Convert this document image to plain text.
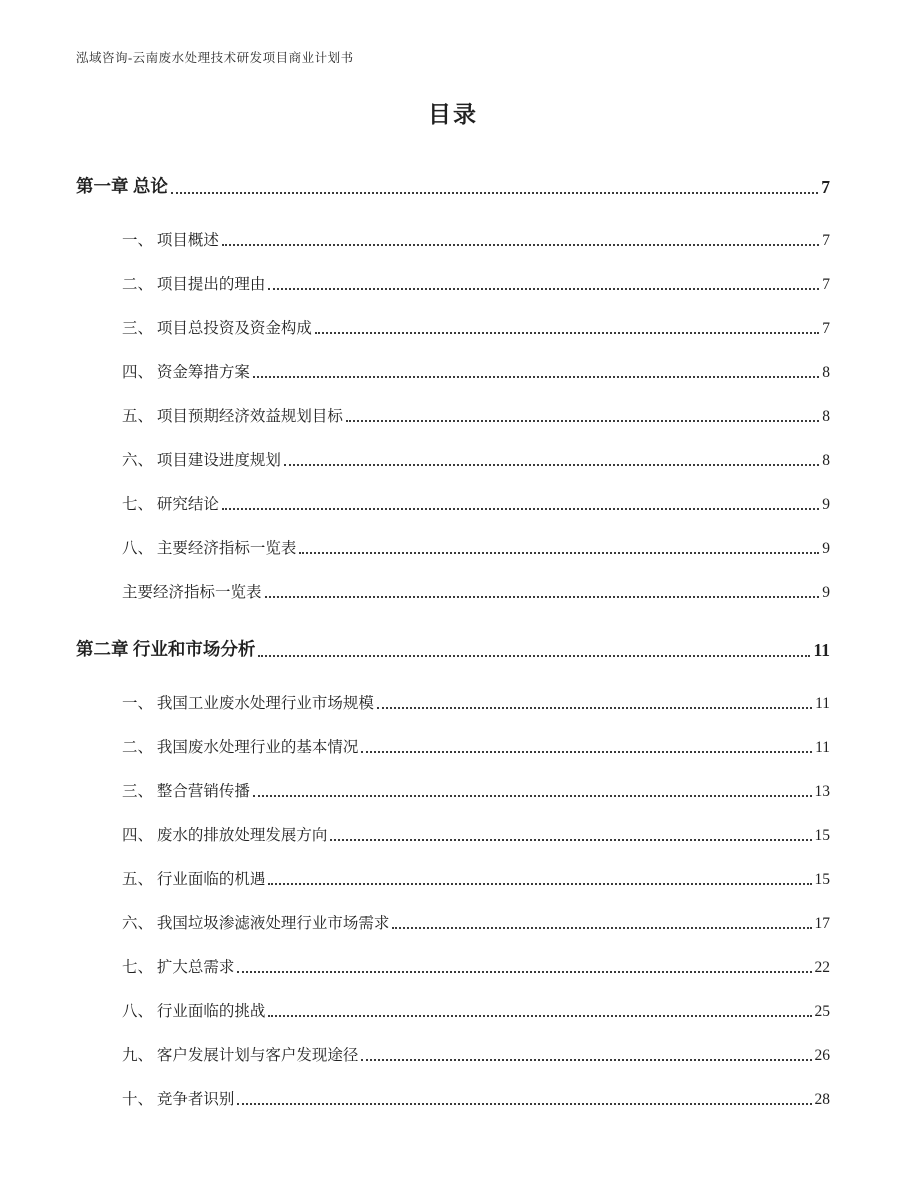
泓域咨询-云南废水处理技术研发项目商业计划书
目录
第一章 总论	7
一、 项目概述	7
二、 项目提出的理由	7
三、 项目总投资及资金构成	7
四、 资金筹措方案	8
五、 项目预期经济效益规划目标	8
六、 项目建设进度规划	8
七、 研究结论	9
八、 主要经济指标一览表	9
主要经济指标一览表	9
第二章 行业和市场分析	11
一、 我国工业废水处理行业市场规模	11
二、 我国废水处理行业的基本情况	11
三、 整合营销传播	13
四、 废水的排放处理发展方向	15
五、 行业面临的机遇	15
六、 我国垃圾渗滤液处理行业市场需求	17
七、 扩大总需求	22
八、 行业面临的挑战	25
九、 客户发展计划与客户发现途径	26
十、 竞争者识别	28
